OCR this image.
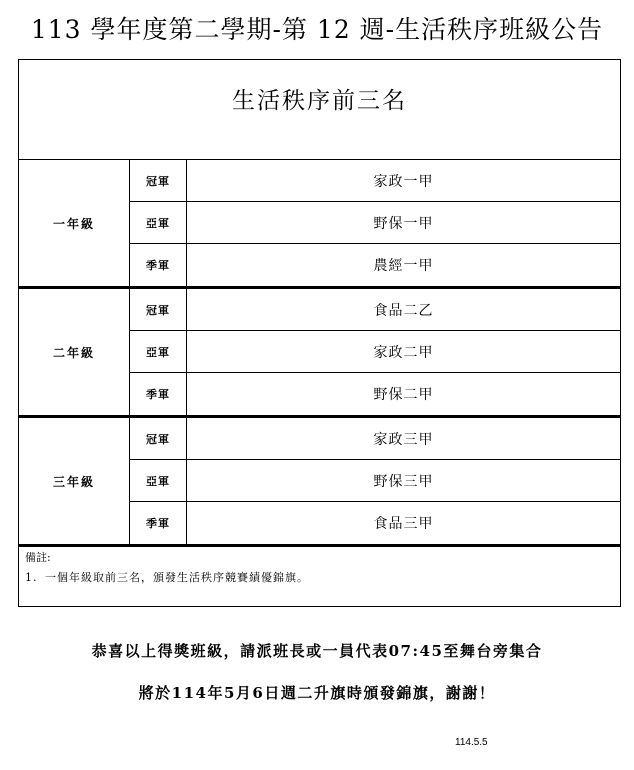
113 學年度第二學期-第 12 週-生活秩序班級公告
生活秩序前三名
一年級
冠軍	家政一甲
亞軍	野保一甲
季軍	農經一甲
二年級
冠軍	食品二乙
亞軍	家政二甲
季軍	野保二甲
三年級
冠軍	家政三甲
亞軍	野保三甲
季軍	食品三甲
備註:
1. 一個年級取前三名，頒發生活秩序競賽績優錦旗。
恭喜以上得獎班級，請派班長或一員代表07:45至舞台旁集合
將於114年5月6日週二升旗時頒發錦旗，謝謝！
114.5.5
